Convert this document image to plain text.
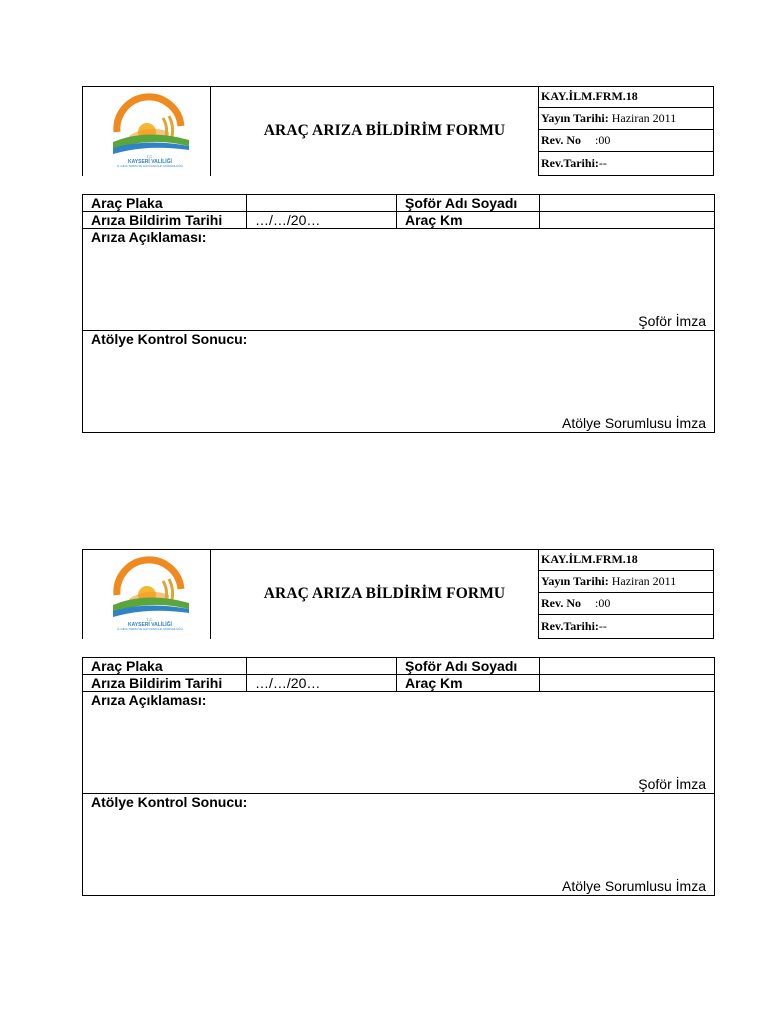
T.C.
KAYSERİ VALİLİĞİ
İL GIDA TARIM VE HAYVANCILIK MÜDÜRLÜĞÜ
ARAÇ ARIZA BİLDİRİM FORMU
KAY.İLM.FRM.18
Yayın Tarihi: Haziran 2011
Rev. No :00
Rev.Tarihi: --
Araç Plaka		Şoför Adı Soyadı	
Arıza Bildirim Tarihi	…/…/20…	Araç Km	
Arıza Açıklaması:
Şoför İmza			

Atölye Kontrol Sonucu:
Atölye Sorumlusu İmza			
T.C.
KAYSERİ VALİLİĞİ
İL GIDA TARIM VE HAYVANCILIK MÜDÜRLÜĞÜ
ARAÇ ARIZA BİLDİRİM FORMU
KAY.İLM.FRM.18
Yayın Tarihi: Haziran 2011
Rev. No :00
Rev.Tarihi: --
Araç Plaka		Şoför Adı Soyadı	
Arıza Bildirim Tarihi	…/…/20…	Araç Km	
Arıza Açıklaması:
Şoför İmza			

Atölye Kontrol Sonucu:
Atölye Sorumlusu İmza			
